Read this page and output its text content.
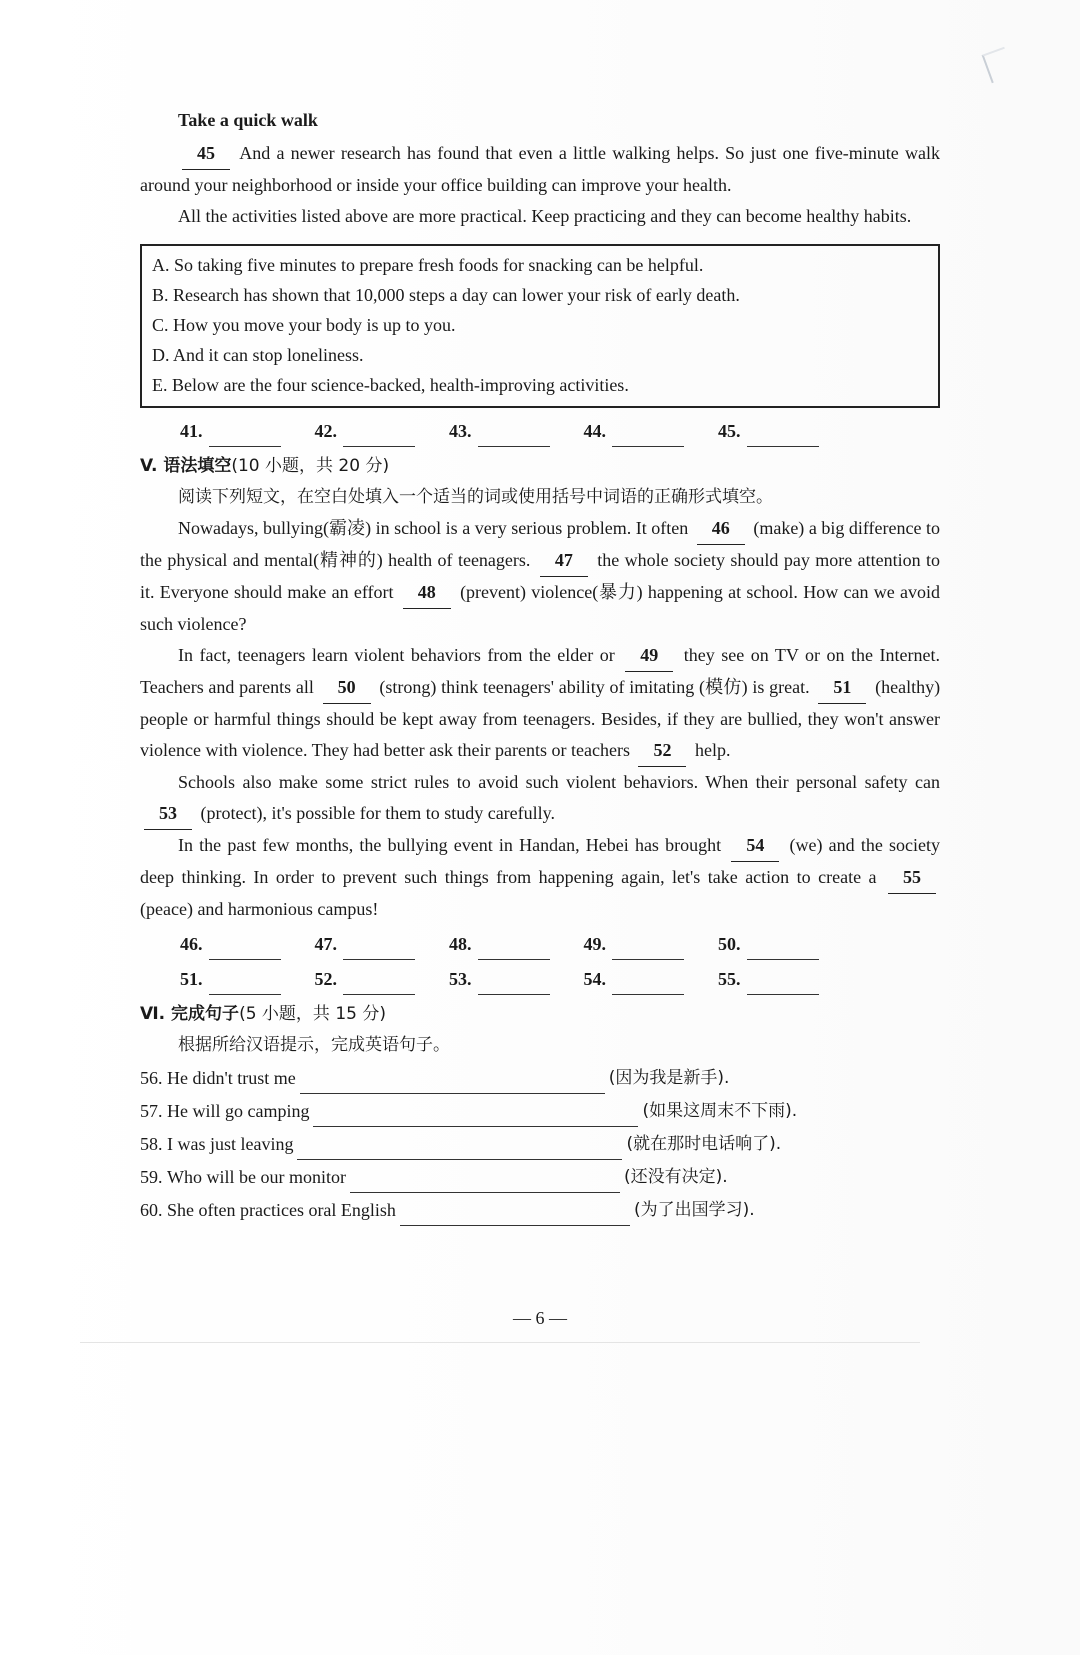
Take a quick walk
45 And a newer research has found that even a little walking helps. So just one five-minute walk around your neighborhood or inside your office building can improve your health.
All the activities listed above are more practical. Keep practicing and they can become healthy habits.
A. So taking five minutes to prepare fresh foods for snacking can be helpful.
B. Research has shown that 10,000 steps a day can lower your risk of early death.
C. How you move your body is up to you.
D. And it can stop loneliness.
E. Below are the four science-backed, health-improving activities.
41.	42.	43.	44.	45.
V. 语法填空(10 小题，共 20 分)
阅读下列短文，在空白处填入一个适当的词或使用括号中词语的正确形式填空。
Nowadays, bullying(霸凌) in school is a very serious problem. It often 46 (make) a big difference to the physical and mental(精神的) health of teenagers. 47 the whole society should pay more attention to it. Everyone should make an effort 48 (prevent) violence(暴力) happening at school. How can we avoid such violence?
In fact, teenagers learn violent behaviors from the elder or 49 they see on TV or on the Internet. Teachers and parents all 50 (strong) think teenagers' ability of imitating (模仿) is great. 51 (healthy) people or harmful things should be kept away from teenagers. Besides, if they are bullied, they won't answer violence with violence. They had better ask their parents or teachers 52 help.
Schools also make some strict rules to avoid such violent behaviors. When their personal safety can 53 (protect), it's possible for them to study carefully.
In the past few months, the bullying event in Handan, Hebei has brought 54 (we) and the society deep thinking. In order to prevent such things from happening again, let's take action to create a 55 (peace) and harmonious campus!
46.	47.	48.	49.	50.
51.	52.	53.	54.	55.
Ⅵ. 完成句子(5 小题，共 15 分)
根据所给汉语提示，完成英语句子。
56.
He didn't trust me	(因为我是新手).
57.
He will go camping	(如果这周末不下雨).
58.
I was just leaving	(就在那时电话响了).
59.
Who will be our monitor	(还没有决定).
60.
She often practices oral English	(为了出国学习).
— 6 —
